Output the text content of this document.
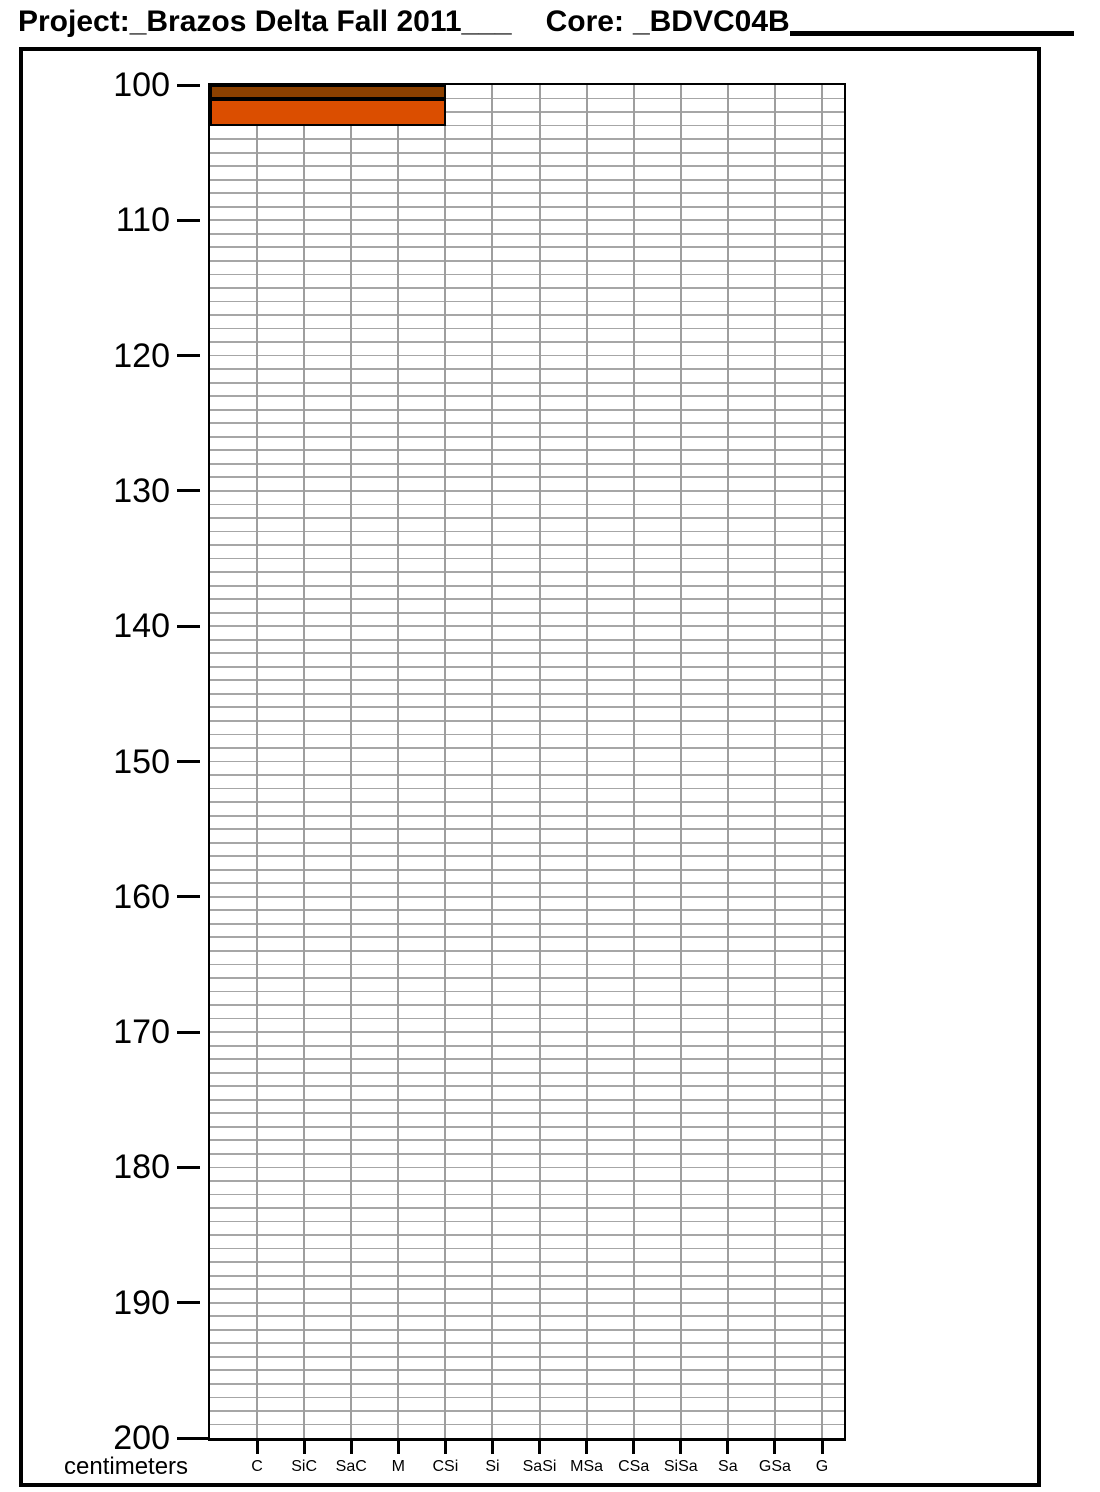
Project:_Brazos Delta Fall 2011___ Core: _BDVC04B
100
110
120
130
140
150
160
170
180
190
200
centimeters	C	SiC	SaC	M	CSi	Si	SaSi MSa CSa SiSa	Sa	GSa	G
